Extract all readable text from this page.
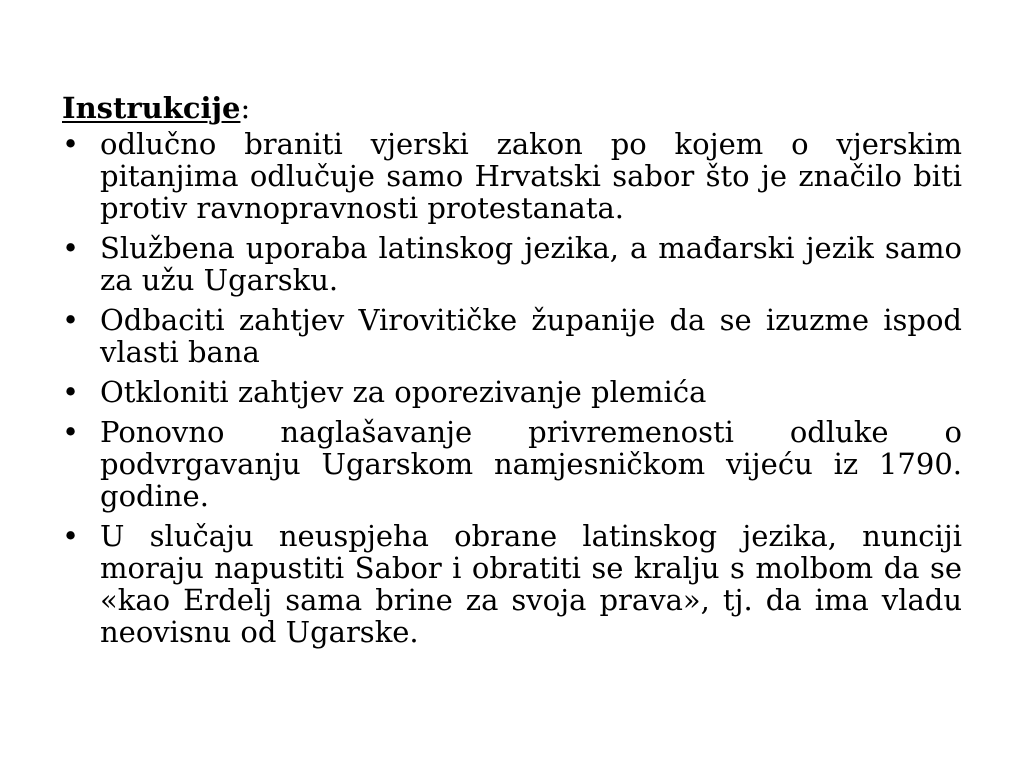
Instrukcije:
• odlučno braniti vjerski zakon po kojem o vjerskim pitanjima odlučuje samo Hrvatski sabor što je značilo biti protiv ravnopravnosti protestanata.
• Službena uporaba latinskog jezika, a mađarski jezik samo za užu Ugarsku.
• Odbaciti zahtjev Virovitičke županije da se izuzme ispod vlasti bana
• Otkloniti zahtjev za oporezivanje plemića
• Ponovno naglašavanje privremenosti odluke o podvrgavanju Ugarskom namjesničkom vijeću iz 1790. godine.
• U slučaju neuspjeha obrane latinskog jezika, nunciji moraju napustiti Sabor i obratiti se kralju s molbom da se «kao Erdelj sama brine za svoja prava», tj. da ima vladu neovisnu od Ugarske.
